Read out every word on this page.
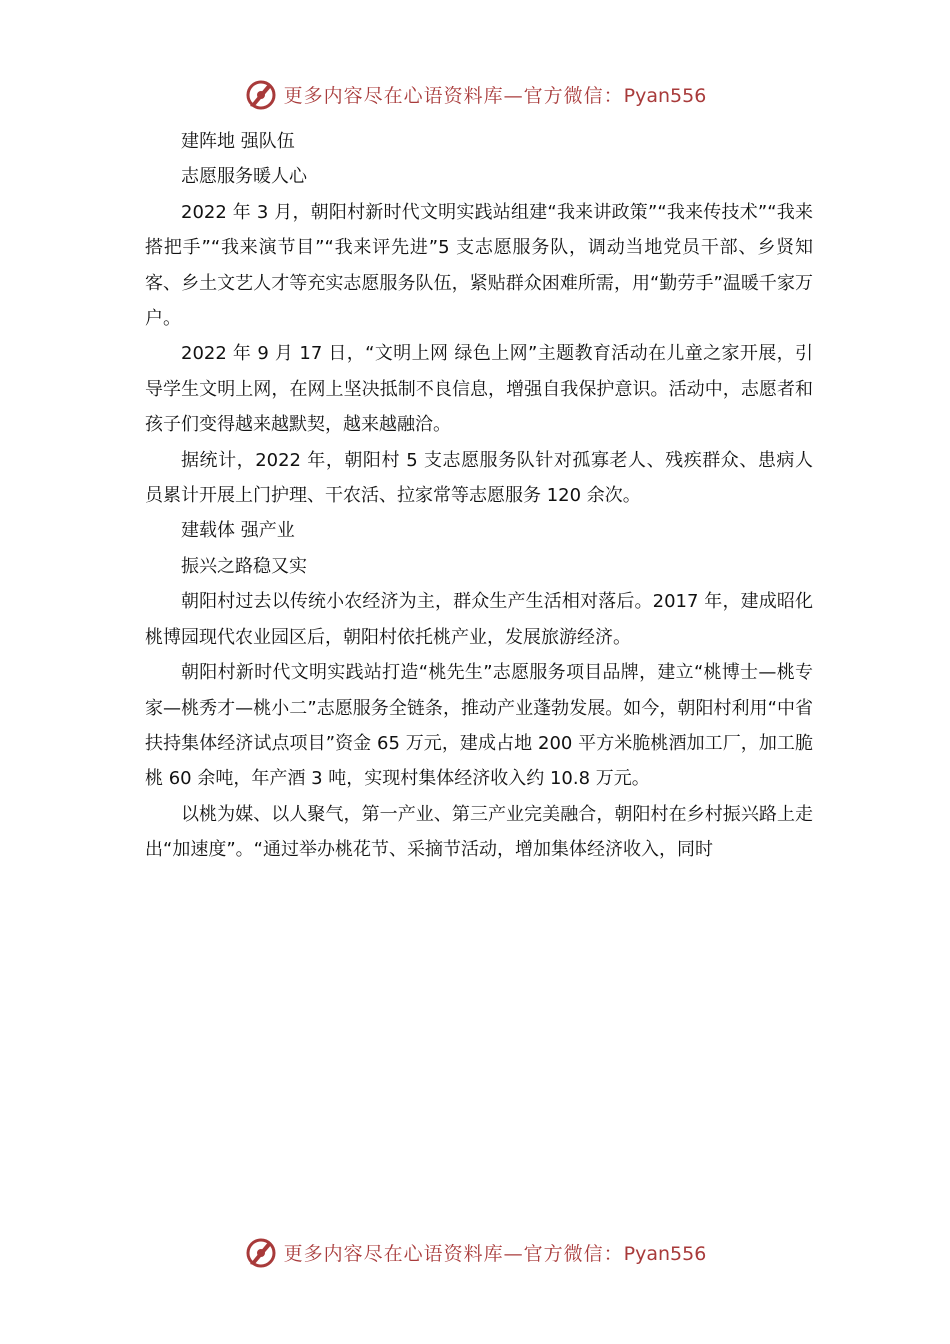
更多内容尽在心语资料库—官方微信：Pyan556

建阵地 强队伍

志愿服务暖人心

2022 年 3 月，朝阳村新时代文明实践站组建“我来讲政策”“我来传技术”“我来搭把手”“我来演节目”“我来评先进”5 支志愿服务队，调动当地党员干部、乡贤知客、乡土文艺人才等充实志愿服务队伍，紧贴群众困难所需，用“勤劳手”温暖千家万户。

2022 年 9 月 17 日，“文明上网 绿色上网”主题教育活动在儿童之家开展，引导学生文明上网，在网上坚决抵制不良信息，增强自我保护意识。活动中，志愿者和孩子们变得越来越默契，越来越融洽。

据统计，2022 年，朝阳村 5 支志愿服务队针对孤寡老人、残疾群众、患病人员累计开展上门护理、干农活、拉家常等志愿服务 120 余次。

建载体 强产业

振兴之路稳又实

朝阳村过去以传统小农经济为主，群众生产生活相对落后。2017 年，建成昭化桃博园现代农业园区后，朝阳村依托桃产业，发展旅游经济。

朝阳村新时代文明实践站打造“桃先生”志愿服务项目品牌，建立“桃博士—桃专家—桃秀才—桃小二”志愿服务全链条，推动产业蓬勃发展。如今，朝阳村利用“中省扶持集体经济试点项目”资金 65 万元，建成占地 200 平方米脆桃酒加工厂，加工脆桃 60 余吨，年产酒 3 吨，实现村集体经济收入约 10.8 万元。

以桃为媒、以人聚气，第一产业、第三产业完美融合，朝阳村在乡村振兴路上走出“加速度”。“通过举办桃花节、采摘节活动，增加集体经济收入，同时

更多内容尽在心语资料库—官方微信：Pyan556
